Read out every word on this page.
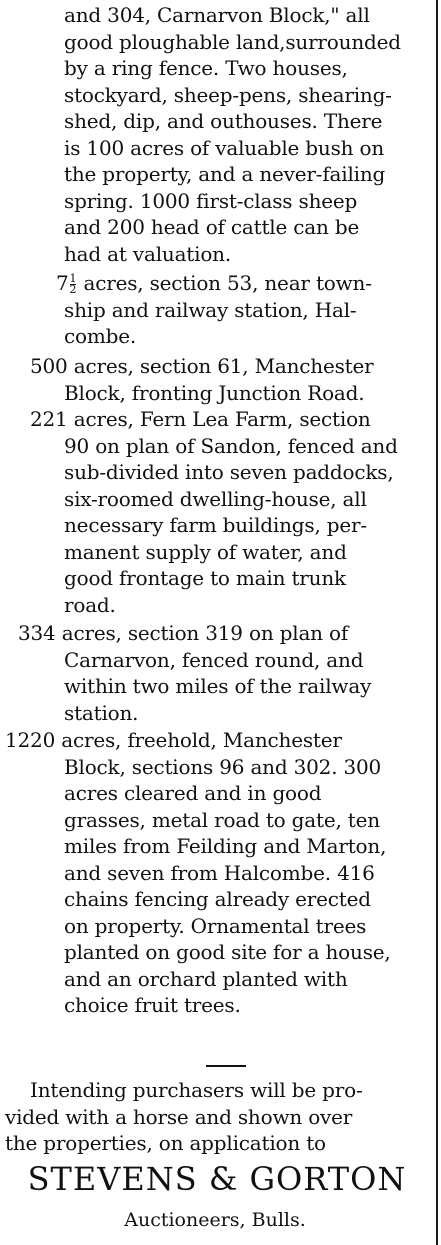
and 304, Carnarvon Block," all
good ploughable land,surrounded
by a ring fence. Two houses,
stockyard, sheep-pens, shearing-
shed, dip, and outhouses. There
is 100 acres of valuable bush on
the property, and a never-failing
spring. 1000 first-class sheep
and 200 head of cattle can be
had at valuation.
$7 \frac{1}{2}$ acres, section 53, near town-
ship and railway station, Hal-
combe.
500 acres, section 61, Manchester
Block, fronting Junction Road.
221 acres, Fern Lea Farm, section
90 on plan of Sandon, fenced and
sub-divided into seven paddocks,
six-roomed dwelling-house, all
necessary farm buildings, per-
manent supply of water, and
good frontage to main trunk
road.
334 acres, section 319 on plan of
Carnarvon, fenced round, and
within two miles of the railway
station.
1220 acres, freehold, Manchester
Block, sections 96 and 302. 300
acres cleared and in good
grasses, metal road to gate, ten
miles from Feilding and Marton,
and seven from Halcombe. 416
chains fencing already erected
on property. Ornamental trees
planted on good site for a house,
and an orchard planted with
choice fruit trees.
Intending purchasers will be pro-
vided with a horse and shown over
the properties, on application to
STEVENS & GORTON
Auctioneers, Bulls.
